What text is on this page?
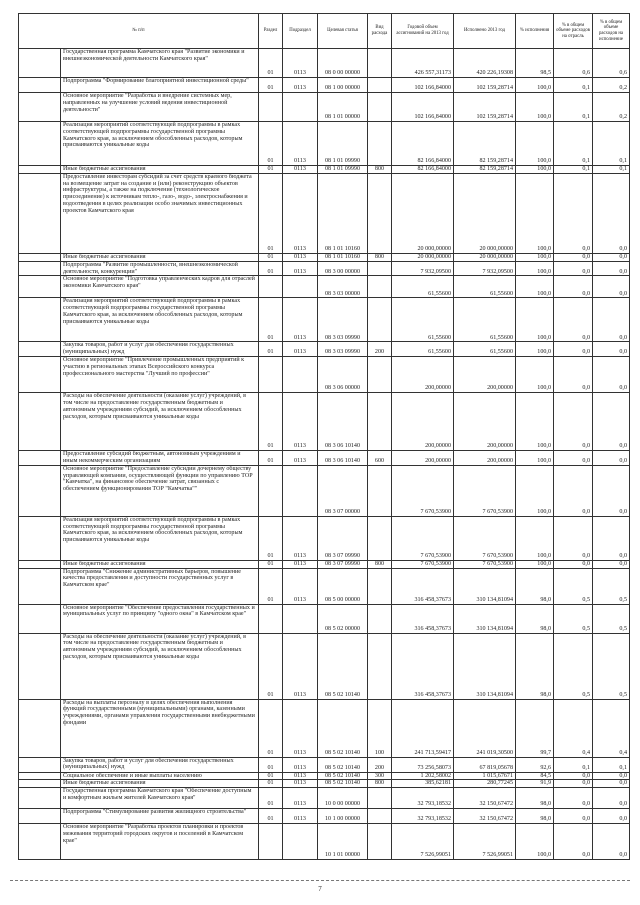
№ п/п		Раздел	Подраздел	Целевая статья	Вид расхода	Годовой объем ассигнований на 2013 год	Исполнено 2013 год	% исполнения	% в общем объеме расходов на отрасль	% в общем объеме расходов на исполнение

	Государственная программа Камчатского края "Развитие экономики и внешнеэкономической деятельности Камчатского края"	01	0113	08 0 00 00000		426 557,31173	420 226,19308	98,5	0,6	0,6

	Подпрограмма "Формирование благоприятной инвестиционной среды"	01	0113	08 1 00 00000		102 166,84000	102 159,28714	100,0	0,1	0,2

	Основное мероприятие "Разработка и внедрение системных мер, направленных на улучшение условий ведения инвестиционной деятельности"			08 1 01 00000		102 166,84000	102 159,28714	100,0	0,1	0,2

	Реализация мероприятий соответствующей подпрограммы в рамках соответствующей подпрограммы государственной программы Камчатского края, за исключением обособленных расходов, которым присваиваются уникальные коды	01	0113	08 1 01 09990		82 166,84000	82 159,28714	100,0	0,1	0,1

	Иные бюджетные ассигнования	01	0113	08 1 01 09990	800	82 166,84000	82 159,28714	100,0	0,1	0,1

	Предоставление инвесторам субсидий за счет средств краевого бюджета на возмещение затрат на создание и (или) реконструкцию объектов инфраструктуры, а также на подключение (технологическое присоединение) к источникам тепло-, газо-, водо-, электроснабжения и водоотведения в целях реализации особо значимых инвестиционных проектов Камчатского края	01	0113	08 1 01 10160		20 000,00000	20 000,00000	100,0	0,0	0,0

	Иные бюджетные ассигнования	01	0113	08 1 01 10160	800	20 000,00000	20 000,00000	100,0	0,0	0,0

	Подпрограмма "Развитие промышленности, внешнеэкономической деятельности, конкуренции"	01	0113	08 3 00 00000		7 932,09500	7 932,09500	100,0	0,0	0,0

	Основное мероприятие "Подготовка управленческих кадров для отраслей экономики Камчатского края"			08 3 03 00000		61,55600	61,55600	100,0	0,0	0,0

	Реализация мероприятий соответствующей подпрограммы в рамках соответствующей подпрограммы государственной программы Камчатского края, за исключением обособленных расходов, которым присваиваются уникальные коды	01	0113	08 3 03 09990		61,55600	61,55600	100,0	0,0	0,0

	Закупка товаров, работ и услуг для обеспечения государственных (муниципальных) нужд	01	0113	08 3 03 09990	200	61,55600	61,55600	100,0	0,0	0,0

	Основное мероприятие "Привлечение промышленных предприятий к участию в региональных этапах Всероссийского конкурса профессионального мастерства "Лучший по профессии"			08 3 06 00000		200,00000	200,00000	100,0	0,0	0,0

	Расходы на обеспечение деятельности (оказание услуг) учреждений, в том числе на предоставление государственным бюджетным и автономным учреждениям субсидий, за исключением обособленных расходов, которым присваиваются уникальные коды	01	0113	08 3 06 10140		200,00000	200,00000	100,0	0,0	0,0

	Предоставление субсидий бюджетным, автономным учреждениям и иным некоммерческим организациям	01	0113	08 3 06 10140	600	200,00000	200,00000	100,0	0,0	0,0

	Основное мероприятие "Предоставление субсидии дочернему обществу управляющей компании, осуществляющей функции по управлению ТОР "Камчатка", на финансовое обеспечение затрат, связанных с обеспечением функционирования ТОР "Камчатка""			08 3 07 00000		7 670,53900	7 670,53900	100,0	0,0	0,0

	Реализация мероприятий соответствующей подпрограммы в рамках соответствующей подпрограммы государственной программы Камчатского края, за исключением обособленных расходов, которым присваиваются уникальные коды	01	0113	08 3 07 09990		7 670,53900	7 670,53900	100,0	0,0	0,0

	Иные бюджетные ассигнования	01	0113	08 3 07 09990	800	7 670,53900	7 670,53900	100,0	0,0	0,0

	Подпрограмма "Снижение административных барьеров, повышение качества предоставления и доступности государственных услуг в Камчатском крае"	01	0113	08 5 00 00000		316 458,37673	310 134,81094	98,0	0,5	0,5

	Основное мероприятие "Обеспечение предоставления государственных и муниципальных услуг по принципу "одного окна" в Камчатском крае"			08 5 02 00000		316 458,37673	310 134,81094	98,0	0,5	0,5

	Расходы на обеспечение деятельности (оказание услуг) учреждений, в том числе на предоставление государственным бюджетным и автономным учреждениям субсидий, за исключением обособленных расходов, которым присваиваются уникальные коды	01	0113	08 5 02 10140		316 458,37673	310 134,81094	98,0	0,5	0,5

	Расходы на выплаты персоналу в целях обеспечения выполнения функций государственными (муниципальными) органами, казенными учреждениями, органами управления государственными внебюджетными фондами	01	0113	08 5 02 10140	100	241 713,59417	241 019,30500	99,7	0,4	0,4

	Закупка товаров, работ и услуг для обеспечения государственных (муниципальных) нужд	01	0113	08 5 02 10140	200	73 256,58073	67 819,05678	92,6	0,1	0,1

	Социальное обеспечение и иные выплаты населению	01	0113	08 5 02 10140	300	1 202,58002	1 015,67671	84,5	0,0	0,0

	Иные бюджетные ассигнования	01	0113	08 5 02 10140	800	385,62181	280,77245	91,9	0,0	0,0

	Государственная программа Камчатского края "Обеспечение доступным и комфортным жильем жителей Камчатского края"	01	0113	10 0 00 00000		32 793,18532	32 150,67472	98,0	0,0	0,0

	Подпрограмма "Стимулирование развития жилищного строительства"	01	0113	10 1 00 00000		32 793,18532	32 150,67472	98,0	0,0	0,0

	Основное мероприятие "Разработка проектов планировки и проектов межевания территорий городских округов и поселений в Камчатском крае"			10 1 01 00000		7 526,99051	7 526,99051	100,0	0,0	0,0
7
